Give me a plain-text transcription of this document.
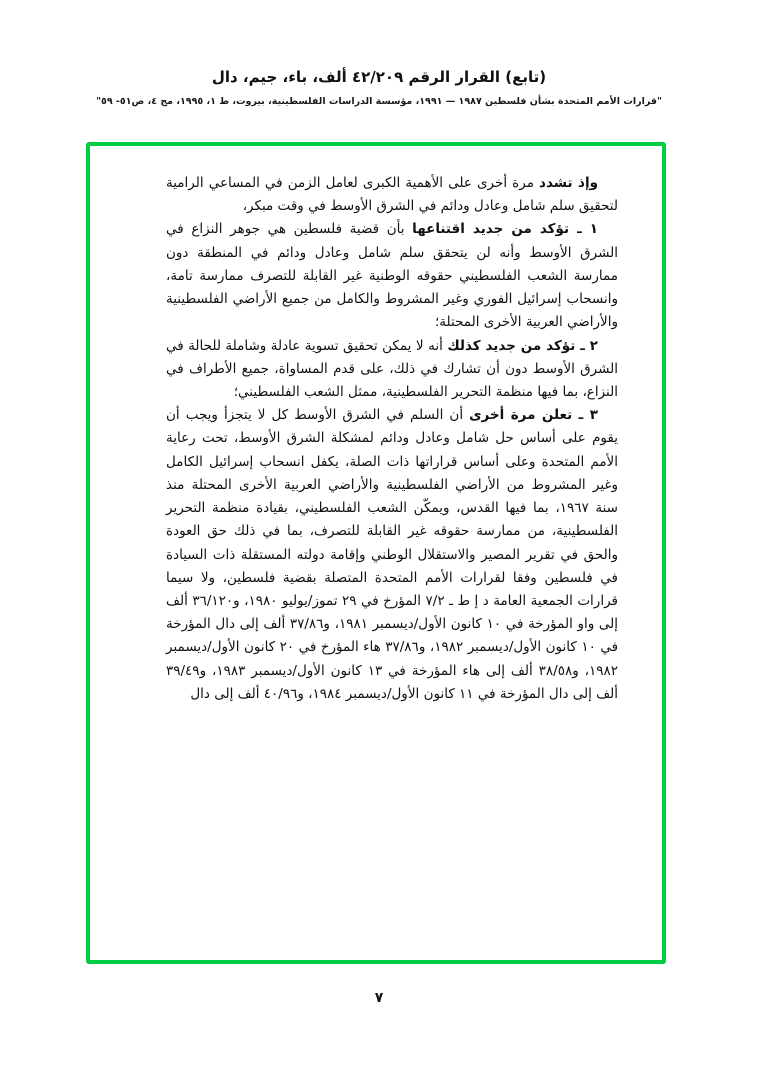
(تابع) القرار الرقم ٤٢/٢٠٩ ألف، باء، جيم، دال
"قرارات الأمم المتحدة بشأن فلسطين ١٩٨٧ — ١٩٩١، مؤسسة الدراسات الفلسطينية، بيروت، ط ١، ١٩٩٥، مج ٤، ص٥١- ٥٩"

وإذ تشدد مرة أخرى على الأهمية الكبرى لعامل الزمن في المساعي الرامية لتحقيق سلم شامل وعادل ودائم في الشرق الأوسط في وقت مبكر،

١ ـ تؤكد من جديد اقتناعها بأن قضية فلسطين هي جوهر النزاع في الشرق الأوسط وأنه لن يتحقق سلم شامل وعادل ودائم في المنطقة دون ممارسة الشعب الفلسطيني حقوقه الوطنية غير القابلة للتصرف ممارسة تامة، وانسحاب إسرائيل الفوري وغير المشروط والكامل من جميع الأراضي الفلسطينية والأراضي العربية الأخرى المحتلة؛

٢ ـ تؤكد من جديد كذلك أنه لا يمكن تحقيق تسوية عادلة وشاملة للحالة في الشرق الأوسط دون أن تشارك في ذلك، على قدم المساواة، جميع الأطراف في النزاع، بما فيها منظمة التحرير الفلسطينية، ممثل الشعب الفلسطيني؛

٣ ـ تعلن مرة أخرى أن السلم في الشرق الأوسط كل لا يتجزأ ويجب أن يقوم على أساس حل شامل وعادل ودائم لمشكلة الشرق الأوسط، تحت رعاية الأمم المتحدة وعلى أساس قراراتها ذات الصلة، يكفل انسحاب إسرائيل الكامل وغير المشروط من الأراضي الفلسطينية والأراضي العربية الأخرى المحتلة منذ سنة ١٩٦٧، بما فيها القدس، ويمكّن الشعب الفلسطيني، بقيادة منظمة التحرير الفلسطينية، من ممارسة حقوقه غير القابلة للتصرف، بما في ذلك حق العودة والحق في تقرير المصير والاستقلال الوطني وإقامة دولته المستقلة ذات السيادة في فلسطين وفقا لقرارات الأمم المتحدة المتصلة بقضية فلسطين، ولا سيما قرارات الجمعية العامة د إ ط ـ ٧/٢ المؤرخ في ٢٩ تموز/يوليو ١٩٨٠، و٣٦/١٢٠ ألف إلى واو المؤرخة في ١٠ كانون الأول/ديسمبر ١٩٨١، و٣٧/٨٦ ألف إلى دال المؤرخة في ١٠ كانون الأول/ديسمبر ١٩٨٢، و٣٧/٨٦ هاء المؤرخ في ٢٠ كانون الأول/ديسمبر ١٩٨٢، و٣٨/٥٨ ألف إلى هاء المؤرخة في ١٣ كانون الأول/ديسمبر ١٩٨٣، و٣٩/٤٩ ألف إلى دال المؤرخة في ١١ كانون الأول/ديسمبر ١٩٨٤، و٤٠/٩٦ ألف إلى دال

٧
